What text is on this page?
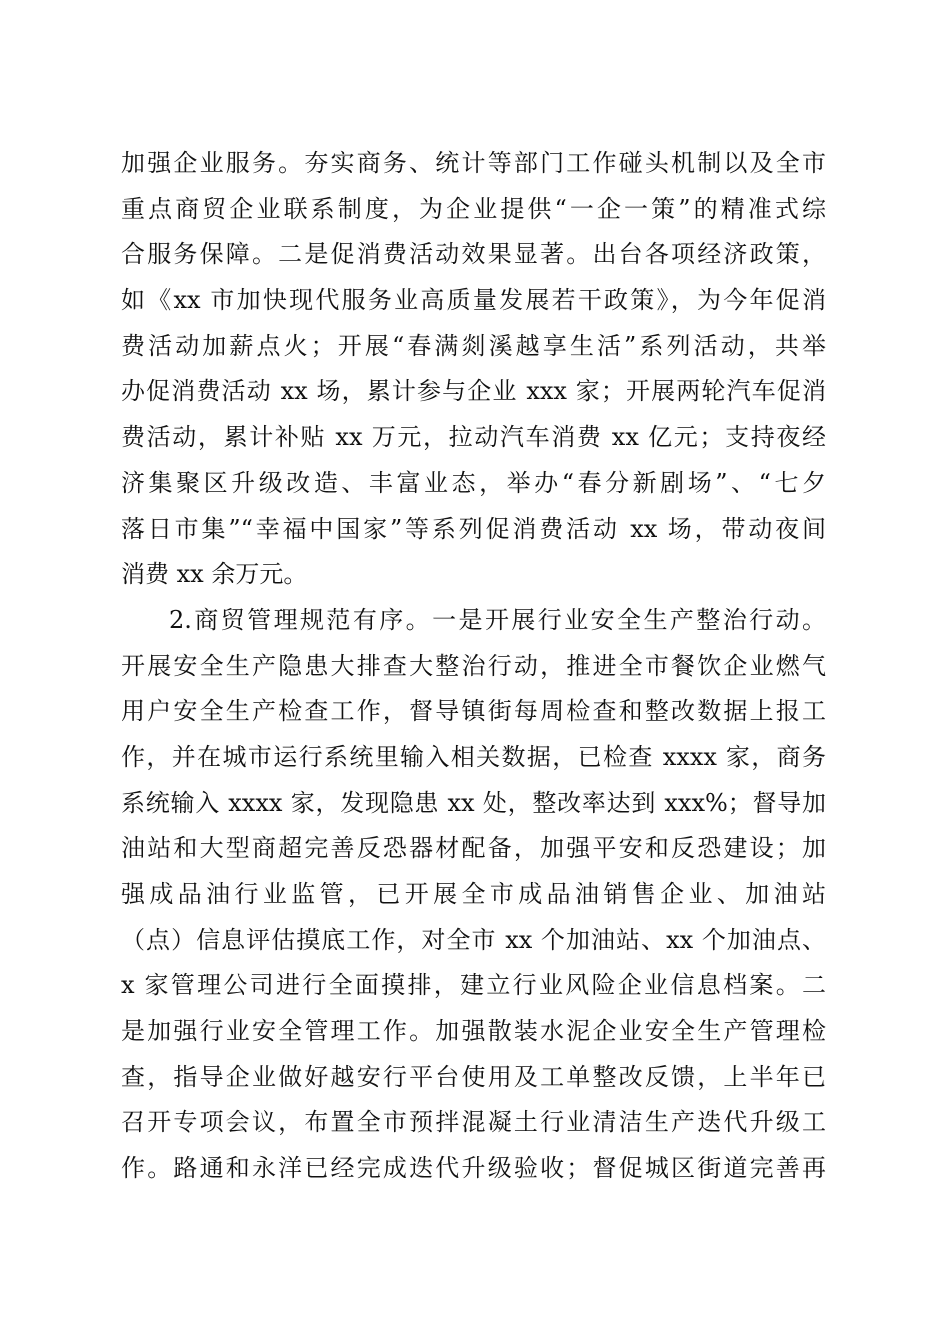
加强企业服务。夯实商务、统计等部门工作碰头机制以及全市
重点商贸企业联系制度，为企业提供“一企一策”的精准式综
合服务保障。二是促消费活动效果显著。出台各项经济政策，
如《xx 市加快现代服务业高质量发展若干政策》，为今年促消
费活动加薪点火；开展“春满剡溪越享生活”系列活动，共举
办促消费活动 xx 场，累计参与企业 xxx 家；开展两轮汽车促消
费活动，累计补贴 xx 万元，拉动汽车消费 xx 亿元；支持夜经
济集聚区升级改造、丰富业态，举办“春分新剧场”、“七夕
落日市集”“幸福中国家”等系列促消费活动 xx 场，带动夜间
消费 xx 余万元。
2.商贸管理规范有序。一是开展行业安全生产整治行动。
开展安全生产隐患大排查大整治行动，推进全市餐饮企业燃气
用户安全生产检查工作，督导镇街每周检查和整改数据上报工
作，并在城市运行系统里输入相关数据，已检查 xxxx 家，商务
系统输入 xxxx 家，发现隐患 xx 处，整改率达到 xxx%；督导加
油站和大型商超完善反恐器材配备，加强平安和反恐建设；加
强成品油行业监管，已开展全市成品油销售企业、加油站
（点）信息评估摸底工作，对全市 xx 个加油站、xx 个加油点、
x 家管理公司进行全面摸排，建立行业风险企业信息档案。二
是加强行业安全管理工作。加强散装水泥企业安全生产管理检
查，指导企业做好越安行平台使用及工单整改反馈，上半年已
召开专项会议，布置全市预拌混凝土行业清洁生产迭代升级工
作。路通和永洋已经完成迭代升级验收；督促城区街道完善再
